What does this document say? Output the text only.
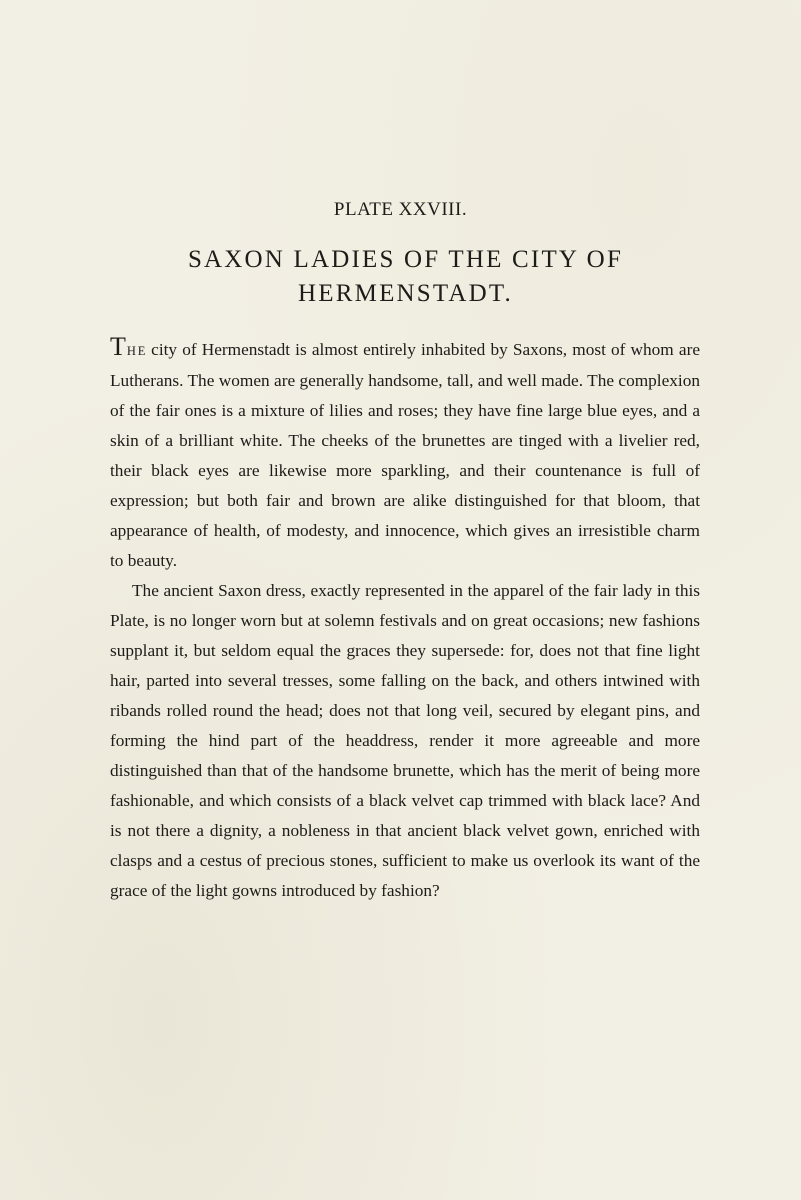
PLATE XXVIII.
SAXON LADIES OF THE CITY OF HERMENSTADT.

THE city of Hermenstadt is almost entirely inhabited by Saxons, most of whom are Lutherans. The women are generally handsome, tall, and well made. The complexion of the fair ones is a mixture of lilies and roses; they have fine large blue eyes, and a skin of a brilliant white. The cheeks of the brunettes are tinged with a livelier red, their black eyes are likewise more sparkling, and their countenance is full of expression; but both fair and brown are alike distinguished for that bloom, that appearance of health, of modesty, and innocence, which gives an irresistible charm to beauty.

The ancient Saxon dress, exactly represented in the apparel of the fair lady in this Plate, is no longer worn but at solemn festivals and on great occasions; new fashions supplant it, but seldom equal the graces they supersede: for, does not that fine light hair, parted into several tresses, some falling on the back, and others intwined with ribands rolled round the head; does not that long veil, secured by elegant pins, and forming the hind part of the headdress, render it more agreeable and more distinguished than that of the handsome brunette, which has the merit of being more fashionable, and which consists of a black velvet cap trimmed with black lace? And is not there a dignity, a nobleness in that ancient black velvet gown, enriched with clasps and a cestus of precious stones, sufficient to make us overlook its want of the grace of the light gowns introduced by fashion?
